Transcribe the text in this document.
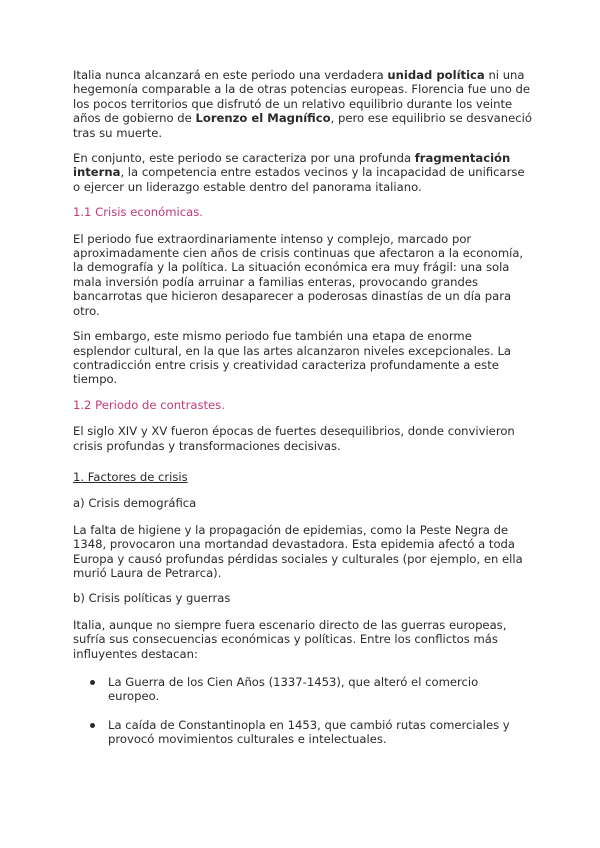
Italia nunca alcanzará en este periodo una verdadera unidad política ni una hegemonía comparable a la de otras potencias europeas. Florencia fue uno de los pocos territorios que disfrutó de un relativo equilibrio durante los veinte años de gobierno de Lorenzo el Magnífico, pero ese equilibrio se desvaneció tras su muerte.

En conjunto, este periodo se caracteriza por una profunda fragmentación interna, la competencia entre estados vecinos y la incapacidad de unificarse o ejercer un liderazgo estable dentro del panorama italiano.

1.1 Crisis económicas.

El periodo fue extraordinariamente intenso y complejo, marcado por aproximadamente cien años de crisis continuas que afectaron a la economía, la demografía y la política. La situación económica era muy frágil: una sola mala inversión podía arruinar a familias enteras, provocando grandes bancarrotas que hicieron desaparecer a poderosas dinastías de un día para otro.

Sin embargo, este mismo periodo fue también una etapa de enorme esplendor cultural, en la que las artes alcanzaron niveles excepcionales. La contradicción entre crisis y creatividad caracteriza profundamente a este tiempo.

1.2 Periodo de contrastes.

El siglo XIV y XV fueron épocas de fuertes desequilibrios, donde convivieron crisis profundas y transformaciones decisivas.

1. Factores de crisis

a) Crisis demográfica

La falta de higiene y la propagación de epidemias, como la Peste Negra de 1348, provocaron una mortandad devastadora. Esta epidemia afectó a toda Europa y causó profundas pérdidas sociales y culturales (por ejemplo, en ella murió Laura de Petrarca).

b) Crisis políticas y guerras

Italia, aunque no siempre fuera escenario directo de las guerras europeas, sufría sus consecuencias económicas y políticas. Entre los conflictos más influyentes destacan:

La Guerra de los Cien Años (1337-1453), que alteró el comercio europeo.
La caída de Constantinopla en 1453, que cambió rutas comerciales y provocó movimientos culturales e intelectuales.
